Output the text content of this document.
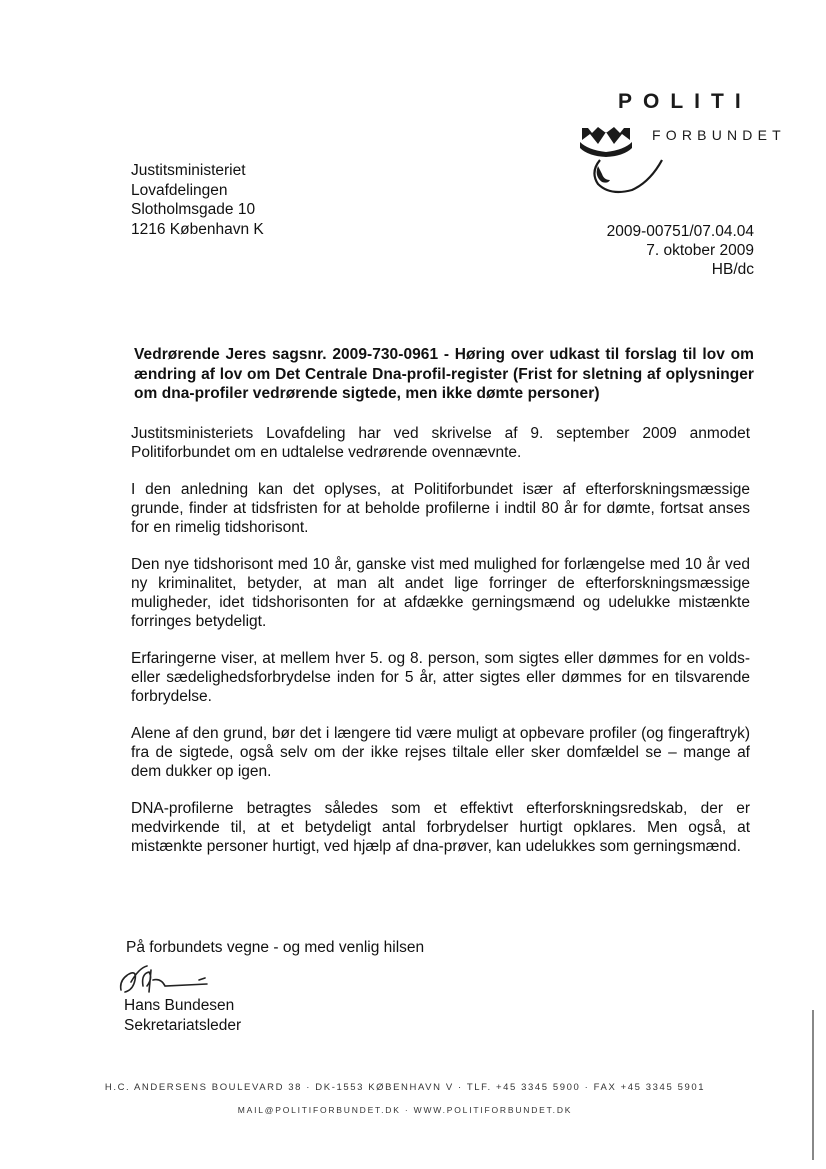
POLITI
FORBUNDET
Justitsministeriet
Lovafdelingen
Slotholmsgade 10
1216 København K	2009-00751/07.04.04
7. oktober 2009
HB/dc
Vedrørende Jeres sagsnr. 2009-730-0961 - Høring over udkast til forslag til lov om ændring af lov om Det Centrale Dna-profil-register (Frist for sletning af oplysninger om dna-profiler vedrørende sigtede, men ikke dømte personer)

Justitsministeriets Lovafdeling har ved skrivelse af 9. september 2009 anmodet Politiforbundet om en udtalelse vedrørende ovennævnte.

I den anledning kan det oplyses, at Politiforbundet især af efterforskningsmæssige grunde, finder at tidsfristen for at beholde profilerne i indtil 80 år for dømte, fortsat anses for en rimelig tidshorisont.

Den nye tidshorisont med 10 år, ganske vist med mulighed for forlængelse med 10 år ved ny kriminalitet, betyder, at man alt andet lige forringer de efterforskningsmæssige muligheder, idet tidshorisonten for at afdække gerningsmænd og udelukke mistænkte forringes betydeligt.

Erfaringerne viser, at mellem hver 5. og 8. person, som sigtes eller dømmes for en volds- eller sædelighedsforbrydelse inden for 5 år, atter sigtes eller dømmes for en tilsvarende forbrydelse.

Alene af den grund, bør det i længere tid være muligt at opbevare profiler (og fingeraftryk) fra de sigtede, også selv om der ikke rejses tiltale eller sker domfældel se – mange af dem dukker op igen.

DNA-profilerne betragtes således som et effektivt efterforskningsredskab, der er medvirkende til, at et betydeligt antal forbrydelser hurtigt opklares. Men også, at mistænkte personer hurtigt, ved hjælp af dna-prøver, kan udelukkes som gerningsmænd.

På forbundets vegne - og med venlig hilsen
Hans Bundesen
Sekretariatsleder
H.C. ANDERSENS BOULEVARD 38 · DK-1553 KØBENHAVN V · TLF. +45 3345 5900 · FAX +45 3345 5901
MAIL@POLITIFORBUNDET.DK · WWW.POLITIFORBUNDET.DK
